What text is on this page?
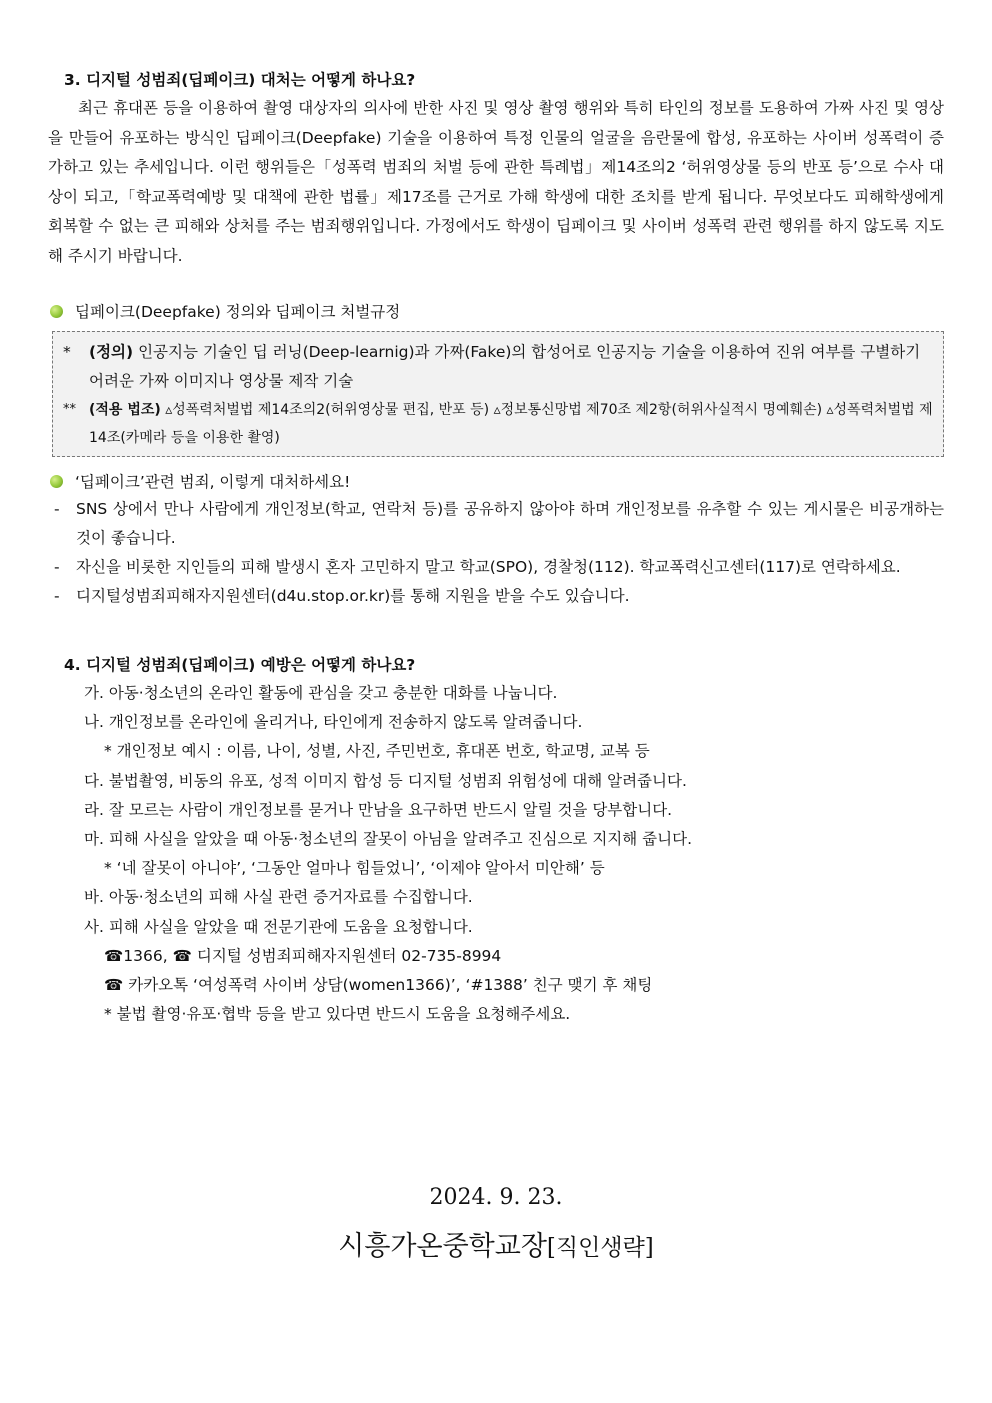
3. 디지털 성범죄(딥페이크) 대처는 어떻게 하나요?

최근 휴대폰 등을 이용하여 촬영 대상자의 의사에 반한 사진 및 영상 촬영 행위와 특히 타인의 정보를 도용하여 가짜 사진 및 영상을 만들어 유포하는 방식인 딥페이크(Deepfake) 기술을 이용하여 특정 인물의 얼굴을 음란물에 합성, 유포하는 사이버 성폭력이 증가하고 있는 추세입니다. 이런 행위들은「성폭력 범죄의 처벌 등에 관한 특례법」제14조의2 ‘허위영상물 등의 반포 등’으로 수사 대상이 되고,「학교폭력예방 및 대책에 관한 법률」제17조를 근거로 가해 학생에 대한 조치를 받게 됩니다. 무엇보다도 피해학생에게 회복할 수 없는 큰 피해와 상처를 주는 범죄행위입니다. 가정에서도 학생이 딥페이크 및 사이버 성폭력 관련 행위를 하지 않도록 지도해 주시기 바랍니다.

딥페이크(Deepfake) 정의와 딥페이크 처벌규정
*	(정의) 인공지능 기술인 딥 러닝(Deep-learnig)과 가짜(Fake)의 합성어로 인공지능 기술을 이용하여 진위 여부를 구별하기 어려운 가짜 이미지나 영상물 제작 기술
** (적용 법조) ▵성폭력처벌법 제14조의2(허위영상물 편집, 반포 등) ▵정보통신망법 제70조 제2항(허위사실적시 명예훼손) ▵성폭력처벌법 제14조(카메라 등을 이용한 촬영)
‘딥페이크’관련 범죄, 이렇게 대처하세요!
-	SNS 상에서 만나 사람에게 개인정보(학교, 연락처 등)를 공유하지 않아야 하며 개인정보를 유추할 수 있는 게시물은 비공개하는 것이 좋습니다.
-	자신을 비롯한 지인들의 피해 발생시 혼자 고민하지 말고 학교(SPO), 경찰청(112). 학교폭력신고센터(117)로 연락하세요.
-	디지털성범죄피해자지원센터(d4u.stop.or.kr)를 통해 지원을 받을 수도 있습니다.
4. 디지털 성범죄(딥페이크) 예방은 어떻게 하나요?
가. 아동·청소년의 온라인 활동에 관심을 갖고 충분한 대화를 나눕니다.
나. 개인정보를 온라인에 올리거나, 타인에게 전송하지 않도록 알려줍니다.
* 개인정보 예시 : 이름, 나이, 성별, 사진, 주민번호, 휴대폰 번호, 학교명, 교복 등
다. 불법촬영, 비동의 유포, 성적 이미지 합성 등 디지털 성범죄 위험성에 대해 알려줍니다.
라. 잘 모르는 사람이 개인정보를 묻거나 만남을 요구하면 반드시 알릴 것을 당부합니다.
마. 피해 사실을 알았을 때 아동·청소년의 잘못이 아님을 알려주고 진심으로 지지해 줍니다.
* ‘네 잘못이 아니야’, ‘그동안 얼마나 힘들었니’, ‘이제야 알아서 미안해’ 등
바. 아동·청소년의 피해 사실 관련 증거자료를 수집합니다.
사. 피해 사실을 알았을 때 전문기관에 도움을 요청합니다.
☎1366, ☎ 디지털 성범죄피해자지원센터 02-735-8994
☎ 카카오톡 ‘여성폭력 사이버 상담(women1366)’, ‘#1388’ 친구 맺기 후 채팅
* 불법 촬영·유포·협박 등을 받고 있다면 반드시 도움을 요청해주세요.
2024. 9. 23.
시흥가온중학교장[직인생략]
